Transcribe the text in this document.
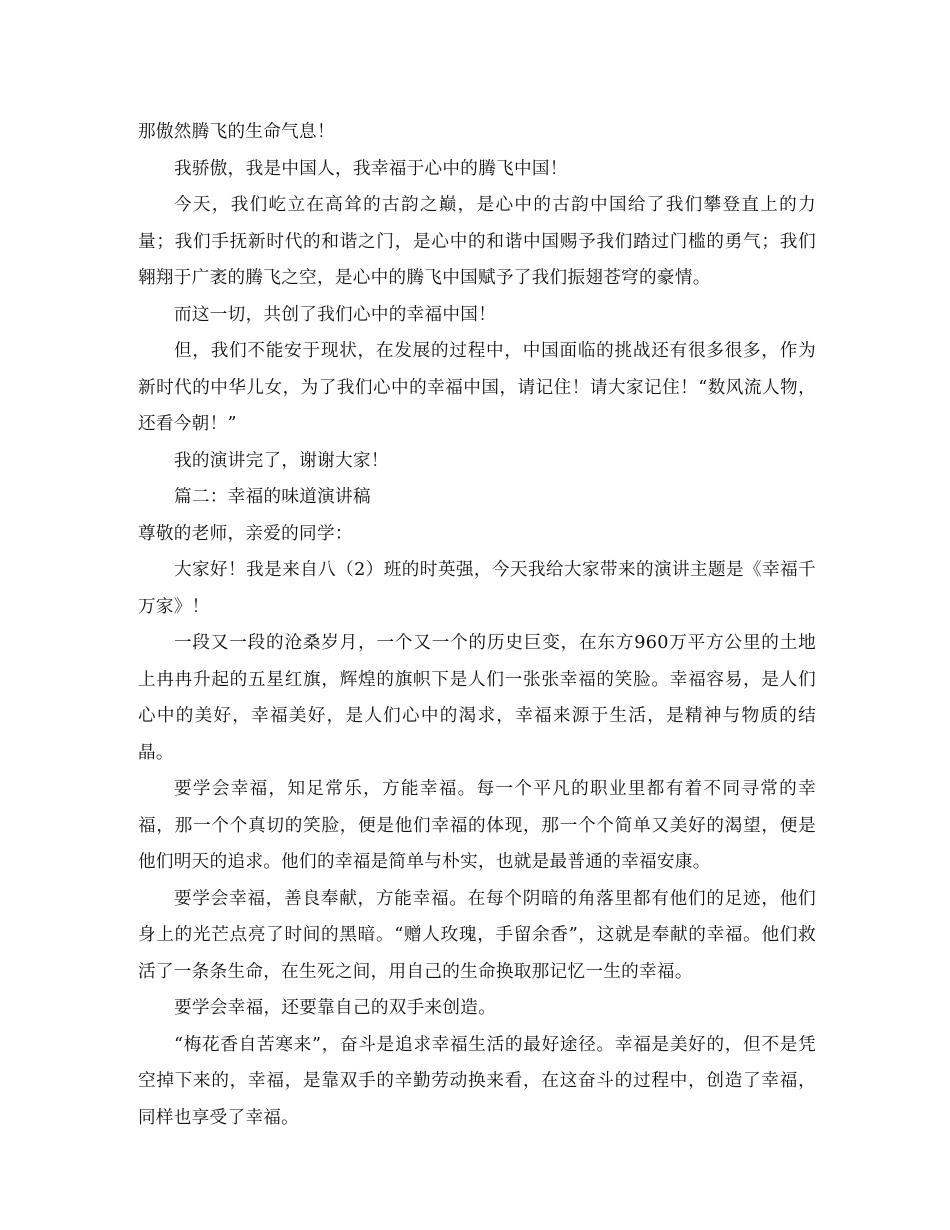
那傲然腾飞的生命气息！

我骄傲，我是中国人，我幸福于心中的腾飞中国！

今天，我们屹立在高耸的古韵之巅，是心中的古韵中国给了我们攀登直上的力量；我们手抚新时代的和谐之门，是心中的和谐中国赐予我们踏过门槛的勇气；我们翱翔于广袤的腾飞之空，是心中的腾飞中国赋予了我们振翅苍穹的豪情。

而这一切，共创了我们心中的幸福中国！

但，我们不能安于现状，在发展的过程中，中国面临的挑战还有很多很多，作为新时代的中华儿女，为了我们心中的幸福中国，请记住！请大家记住！“数风流人物，还看今朝！”

我的演讲完了，谢谢大家！

篇二：幸福的味道演讲稿

尊敬的老师，亲爱的同学：

大家好！我是来自八（2）班的时英强，今天我给大家带来的演讲主题是《幸福千万家》！

一段又一段的沧桑岁月，一个又一个的历史巨变，在东方960万平方公里的土地上冉冉升起的五星红旗，辉煌的旗帜下是人们一张张幸福的笑脸。幸福容易，是人们心中的美好，幸福美好，是人们心中的渴求，幸福来源于生活，是精神与物质的结晶。

要学会幸福，知足常乐，方能幸福。每一个平凡的职业里都有着不同寻常的幸福，那一个个真切的笑脸，便是他们幸福的体现，那一个个简单又美好的渴望，便是他们明天的追求。他们的幸福是简单与朴实，也就是最普通的幸福安康。

要学会幸福，善良奉献，方能幸福。在每个阴暗的角落里都有他们的足迹，他们身上的光芒点亮了时间的黑暗。“赠人玫瑰，手留余香”，这就是奉献的幸福。他们救活了一条条生命，在生死之间，用自己的生命换取那记忆一生的幸福。

要学会幸福，还要靠自己的双手来创造。

“梅花香自苦寒来”，奋斗是追求幸福生活的最好途径。幸福是美好的，但不是凭空掉下来的，幸福，是靠双手的辛勤劳动换来看，在这奋斗的过程中，创造了幸福，同样也享受了幸福。
